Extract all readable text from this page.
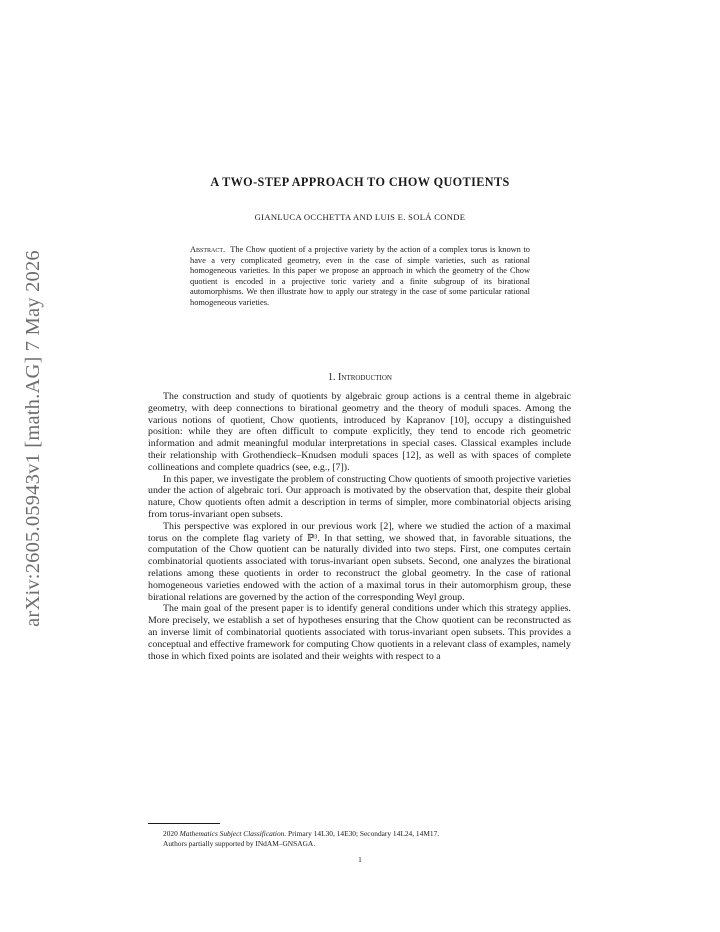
arXiv:2605.05943v1 [math.AG] 7 May 2026
A TWO-STEP APPROACH TO CHOW QUOTIENTS
GIANLUCA OCCHETTA AND LUIS E. SOLÁ CONDE

Abstract. The Chow quotient of a projective variety by the action of a complex torus is known to have a very complicated geometry, even in the case of simple varieties, such as rational homogeneous varieties. In this paper we propose an approach in which the geometry of the Chow quotient is encoded in a projective toric variety and a finite subgroup of its birational automorphisms. We then illustrate how to apply our strategy in the case of some particular rational homogeneous varieties.

1. Introduction

The construction and study of quotients by algebraic group actions is a central theme in algebraic geometry, with deep connections to birational geometry and the theory of moduli spaces. Among the various notions of quotient, Chow quotients, introduced by Kapranov [10], occupy a distinguished position: while they are often difficult to compute explicitly, they tend to encode rich geometric information and admit meaningful modular interpretations in special cases. Classical examples include their relationship with Grothendieck–Knudsen moduli spaces [12], as well as with spaces of complete collineations and complete quadrics (see, e.g., [7]).

In this paper, we investigate the problem of constructing Chow quotients of smooth projective varieties under the action of algebraic tori. Our approach is motivated by the observation that, despite their global nature, Chow quotients often admit a description in terms of simpler, more combinatorial objects arising from torus-invariant open subsets.

This perspective was explored in our previous work [2], where we studied the action of a maximal torus on the complete flag variety of ℙ³. In that setting, we showed that, in favorable situations, the computation of the Chow quotient can be naturally divided into two steps. First, one computes certain combinatorial quotients associated with torus-invariant open subsets. Second, one analyzes the birational relations among these quotients in order to reconstruct the global geometry. In the case of rational homogeneous varieties endowed with the action of a maximal torus in their automorphism group, these birational relations are governed by the action of the corresponding Weyl group.

The main goal of the present paper is to identify general conditions under which this strategy applies. More precisely, we establish a set of hypotheses ensuring that the Chow quotient can be reconstructed as an inverse limit of combinatorial quotients associated with torus-invariant open subsets. This provides a conceptual and effective framework for computing Chow quotients in a relevant class of examples, namely those in which fixed points are isolated and their weights with respect to a

2020 Mathematics Subject Classification. Primary 14L30, 14E30; Secondary 14L24, 14M17.
Authors partially supported by INdAM–GNSAGA.
1
